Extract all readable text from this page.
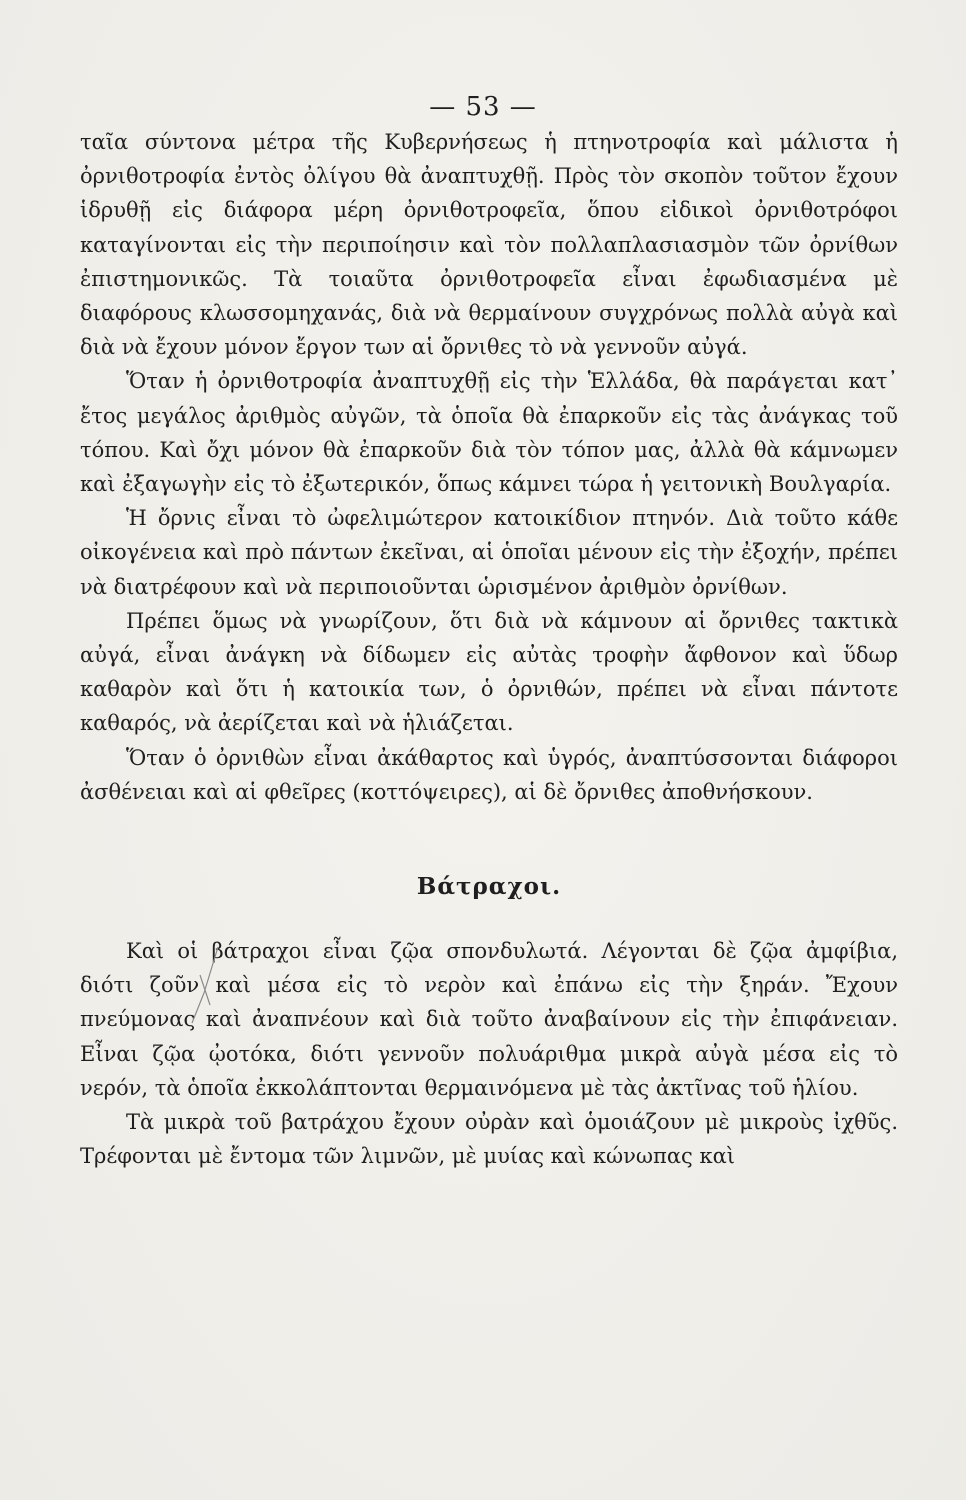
— 53 —

ταῖα σύντονα μέτρα τῆς Κυβερνήσεως ἡ πτηνοτροφία καὶ μάλιστα ἡ ὀρνιθοτροφία ἐντὸς ὀλίγου θὰ ἀναπτυχθῇ. Πρὸς τὸν σκοπὸν τοῦτον ἔχουν ἱδρυθῇ εἰς διάφορα μέρη ὀρνιθοτροφεῖα, ὅπου εἰδικοὶ ὀρνιθοτρόφοι καταγίνονται εἰς τὴν περιποίησιν καὶ τὸν πολλαπλασιασμὸν τῶν ὀρνίθων ἐπιστημονικῶς. Τὰ τοιαῦτα ὀρνιθοτροφεῖα εἶναι ἐφωδιασμένα μὲ διαφόρους κλωσσομηχανάς, διὰ νὰ θερμαίνουν συγχρόνως πολλὰ αὐγὰ καὶ διὰ νὰ ἔχουν μόνον ἔργον των αἱ ὄρνιθες τὸ νὰ γεννοῦν αὐγά.

Ὅταν ἡ ὀρνιθοτροφία ἀναπτυχθῇ εἰς τὴν Ἑλλάδα, θὰ παράγεται κατ᾽ ἔτος μεγάλος ἀριθμὸς αὐγῶν, τὰ ὁποῖα θὰ ἐπαρκοῦν εἰς τὰς ἀνάγκας τοῦ τόπου. Καὶ ὄχι μόνον θὰ ἐπαρκοῦν διὰ τὸν τόπον μας, ἀλλὰ θὰ κάμνωμεν καὶ ἐξαγωγὴν εἰς τὸ ἐξωτερικόν, ὅπως κάμνει τώρα ἡ γειτονικὴ Βουλγαρία.

Ἡ ὄρνις εἶναι τὸ ὠφελιμώτερον κατοικίδιον πτηνόν. Διὰ τοῦτο κάθε οἰκογένεια καὶ πρὸ πάντων ἐκεῖναι, αἱ ὁποῖαι μένουν εἰς τὴν ἐξοχήν, πρέπει νὰ διατρέφουν καὶ νὰ περιποιοῦνται ὡρισμένον ἀριθμὸν ὀρνίθων.

Πρέπει ὅμως νὰ γνωρίζουν, ὅτι διὰ νὰ κάμνουν αἱ ὄρνιθες τακτικὰ αὐγά, εἶναι ἀνάγκη νὰ δίδωμεν εἰς αὐτὰς τροφὴν ἄφθονον καὶ ὕδωρ καθαρὸν καὶ ὅτι ἡ κατοικία των, ὁ ὀρνιθών, πρέπει νὰ εἶναι πάντοτε καθαρός, νὰ ἀερίζεται καὶ νὰ ἡλιάζεται.

Ὅταν ὁ ὀρνιθὼν εἶναι ἀκάθαρτος καὶ ὑγρός, ἀναπτύσσονται διάφοροι ἀσθένειαι καὶ αἱ φθεῖρες (κοττόψειρες), αἱ δὲ ὄρνιθες ἀποθνήσκουν.

Βάτραχοι.

Καὶ οἱ βάτραχοι εἶναι ζῷα σπονδυλωτά. Λέγονται δὲ ζῷα ἀμφίβια, διότι ζοῦν καὶ μέσα εἰς τὸ νερὸν καὶ ἐπάνω εἰς τὴν ξηράν. Ἔχουν πνεύμονας καὶ ἀναπνέουν καὶ διὰ τοῦτο ἀναβαίνουν εἰς τὴν ἐπιφάνειαν. Εἶναι ζῷα ᾠοτόκα, διότι γεννοῦν πολυάριθμα μικρὰ αὐγὰ μέσα εἰς τὸ νερόν, τὰ ὁποῖα ἐκκολάπτονται θερμαινόμενα μὲ τὰς ἀκτῖνας τοῦ ἡλίου.

Τὰ μικρὰ τοῦ βατράχου ἔχουν οὐρὰν καὶ ὁμοιάζουν μὲ μικροὺς ἰχθῦς. Τρέφονται μὲ ἔντομα τῶν λιμνῶν, μὲ μυίας καὶ κώνωπας καὶ
